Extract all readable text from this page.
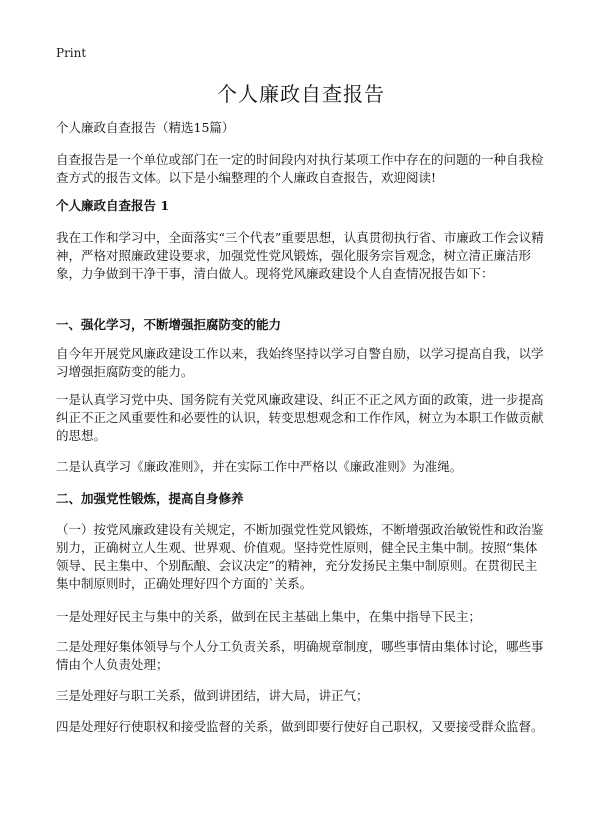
Print
个人廉政自查报告

个人廉政自查报告（精选15篇）

自查报告是一个单位或部门在一定的时间段内对执行某项工作中存在的问题的一种自我检查方式的报告文体。以下是小编整理的个人廉政自查报告，欢迎阅读!

个人廉政自查报告 1

我在工作和学习中，全面落实“三个代表”重要思想，认真贯彻执行省、市廉政工作会议精神，严格对照廉政建设要求，加强党性党风锻炼，强化服务宗旨观念，树立清正廉洁形象，力争做到干净干事，清白做人。现将党风廉政建设个人自查情况报告如下：

一、强化学习，不断增强拒腐防变的能力

自今年开展党风廉政建设工作以来，我始终坚持以学习自警自励，以学习提高自我，以学习增强拒腐防变的能力。

一是认真学习党中央、国务院有关党风廉政建设、纠正不正之风方面的政策，进一步提高纠正不正之风重要性和必要性的认识，转变思想观念和工作作风，树立为本职工作做贡献的思想。

二是认真学习《廉政准则》，并在实际工作中严格以《廉政准则》为准绳。

二、加强党性锻炼，提高自身修养

（一）按党风廉政建设有关规定，不断加强党性党风锻炼，不断增强政治敏锐性和政治鉴别力，正确树立人生观、世界观、价值观。坚持党性原则，健全民主集中制。按照“集体领导、民主集中、个别酝酿、会议决定”的精神，充分发扬民主集中制原则。在贯彻民主集中制原则时，正确处理好四个方面的`关系。

一是处理好民主与集中的关系，做到在民主基础上集中，在集中指导下民主；

二是处理好集体领导与个人分工负责关系，明确规章制度，哪些事情由集体讨论，哪些事情由个人负责处理；

三是处理好与职工关系，做到讲团结，讲大局，讲正气；

四是处理好行使职权和接受监督的关系，做到即要行使好自己职权，又要接受群众监督。
